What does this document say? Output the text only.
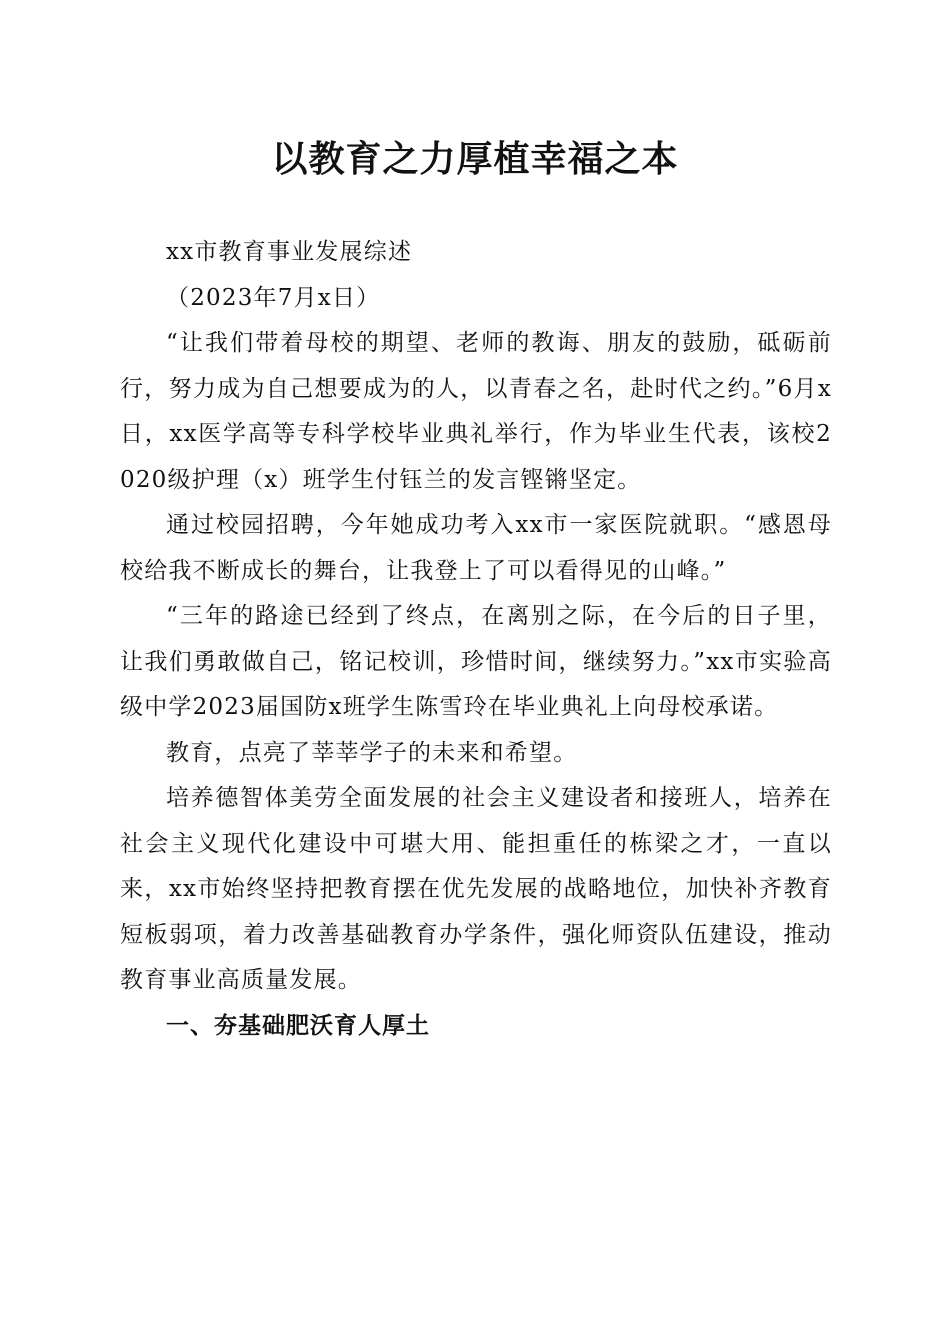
以教育之力厚植幸福之本

xx市教育事业发展综述

（2023年7月x日）

“让我们带着母校的期望、老师的教诲、朋友的鼓励，砥砺前行，努力成为自己想要成为的人，以青春之名，赴时代之约。”6月x日，xx医学高等专科学校毕业典礼举行，作为毕业生代表，该校2020级护理（x）班学生付钰兰的发言铿锵坚定。

通过校园招聘，今年她成功考入xx市一家医院就职。“感恩母校给我不断成长的舞台，让我登上了可以看得见的山峰。”

“三年的路途已经到了终点，在离别之际，在今后的日子里，让我们勇敢做自己，铭记校训，珍惜时间，继续努力。”xx市实验高级中学2023届国防x班学生陈雪玲在毕业典礼上向母校承诺。

教育，点亮了莘莘学子的未来和希望。

培养德智体美劳全面发展的社会主义建设者和接班人，培养在社会主义现代化建设中可堪大用、能担重任的栋梁之才，一直以来，xx市始终坚持把教育摆在优先发展的战略地位，加快补齐教育短板弱项，着力改善基础教育办学条件，强化师资队伍建设，推动教育事业高质量发展。

一、夯基础肥沃育人厚土
